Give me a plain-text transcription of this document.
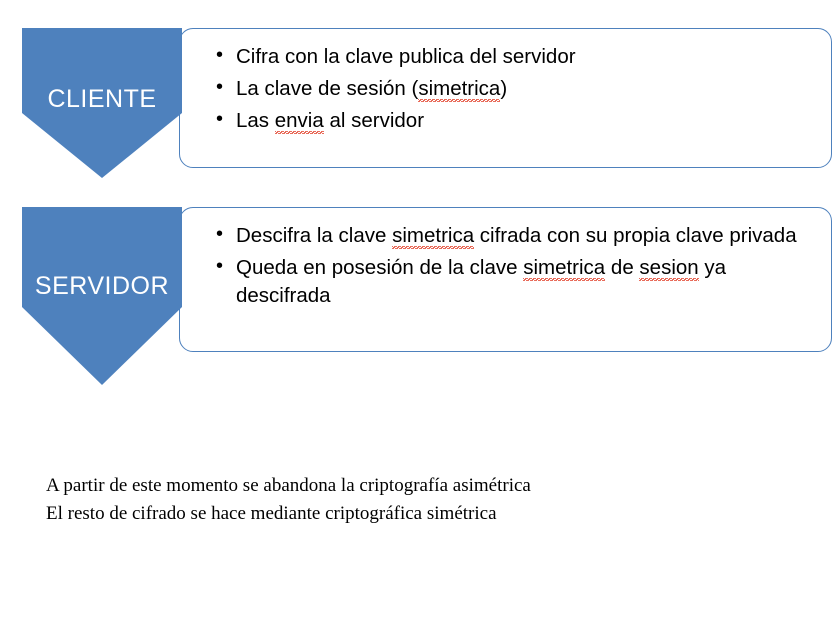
CLIENTE
• Cifra con la clave publica del servidor
• La clave de sesión (simetrica)
• Las envia al servidor
SERVIDOR
• Descifra la clave simetrica cifrada con su propia clave privada
• Queda en posesión de la clave simetrica de sesion ya descifrada
A partir de este momento se abandona la criptografía asimétrica
El resto de cifrado se hace mediante criptográfica simétrica
